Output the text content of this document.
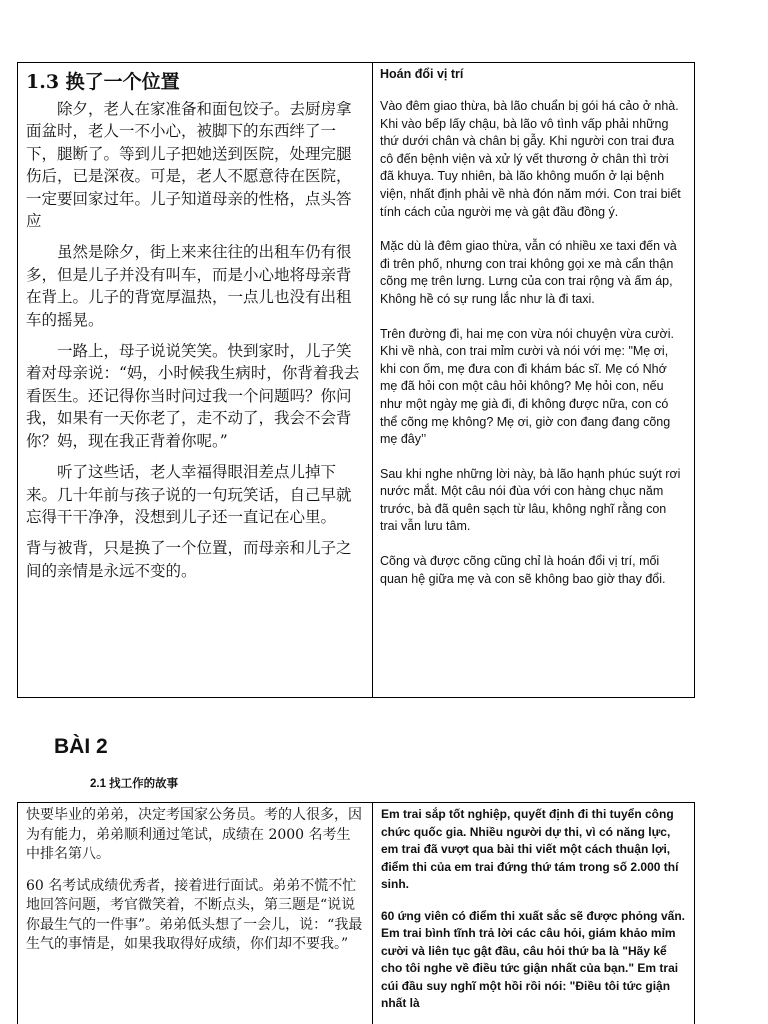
1.3 换了一个位置

除夕，老人在家准备和面包饺子。去厨房拿面盆时，老人一不小心，被脚下的东西绊了一下，腿断了。等到儿子把她送到医院，处理完腿伤后，已是深夜。可是，老人不愿意待在医院，一定要回家过年。儿子知道母亲的性格，点头答应

虽然是除夕，街上来来往往的出租车仍有很多，但是儿子并没有叫车，而是小心地将母亲背在背上。儿子的背宽厚温热，一点儿也没有出租车的摇晃。

一路上，母子说说笑笑。快到家时，儿子笑着对母亲说：“妈，小时候我生病时，你背着我去看医生。还记得你当时问过我一个问题吗？你问我，如果有一天你老了，走不动了，我会不会背你？妈，现在我正背着你呢。”

听了这些话，老人幸福得眼泪差点儿掉下来。几十年前与孩子说的一句玩笑话，自己早就忘得干干净净，没想到儿子还一直记在心里。

背与被背，只是换了一个位置，而母亲和儿子之间的亲情是永远不变的。

Hoán đổi vị trí

Vào đêm giao thừa, bà lão chuẩn bị gói há cảo ở nhà. Khi vào bếp lấy chậu, bà lão vô tình vấp phải những thứ dưới chân và chân bị gẫy. Khi người con trai đưa cô đến bệnh viện và xử lý vết thương ở chân thì trời đã khuya. Tuy nhiên, bà lão không muốn ở lại bệnh viện, nhất định phải về nhà đón năm mới. Con trai biết tính cách của người mẹ và gật đầu đồng ý.

Mặc dù là đêm giao thừa, vẫn có nhiều xe taxi đến và đi trên phố, nhưng con trai không gọi xe mà cẩn thận cõng mẹ trên lưng. Lưng của con trai rộng và ấm áp, Không hề có sự rung lắc như là đi taxi.

Trên đường đi, hai mẹ con vừa nói chuyện vừa cười. Khi về nhà, con trai mỉm cười và nói với mẹ: "Mẹ ơi, khi con ốm, mẹ đưa con đi khám bác sĩ. Mẹ có Nhớ mẹ đã hỏi con một câu hỏi không? Mẹ hỏi con, nếu như một ngày mẹ già đi, đi không được nữa, con có thể cõng mẹ không? Mẹ ơi, giờ con đang đang cõng mẹ đây’’

Sau khi nghe những lời này, bà lão hạnh phúc suýt rơi nước mắt. Một câu nói đùa với con hàng chục năm trước, bà đã quên sạch từ lâu, không nghĩ rằng con trai vẫn lưu tâm.

Cõng và được cõng cũng chỉ là hoán đổi vị trí, mối quan hệ giữa mẹ và con sẽ không bao giờ thay đổi.

BÀI 2
2.1 找工作的故事

快要毕业的弟弟，决定考国家公务员。考的人很多，因为有能力，弟弟顺利通过笔试，成绩在 2000 名考生中排名第八。

60 名考试成绩优秀者，接着进行面试。弟弟不慌不忙地回答问题，考官微笑着，不断点头，第三题是“说说你最生气的一件事”。弟弟低头想了一会儿，说：“我最生气的事情是，如果我取得好成绩，你们却不要我。”

Em trai sắp tốt nghiệp, quyết định đi thi tuyển công chức quốc gia. Nhiều người dự thi, vì có năng lực, em trai đã vượt qua bài thi viết một cách thuận lợi, điểm thi của em trai đứng thứ tám trong số 2.000 thí sinh.

60 ứng viên có điểm thi xuất sắc sẽ được phỏng vấn. Em trai bình tĩnh trả lời các câu hỏi, giám khảo mỉm cười và liên tục gật đầu, câu hỏi thứ ba là "Hãy kể cho tôi nghe về điều tức giận nhất của bạn." Em trai cúi đầu suy nghĩ một hồi rồi nói: "Điều tôi tức giận nhất là
